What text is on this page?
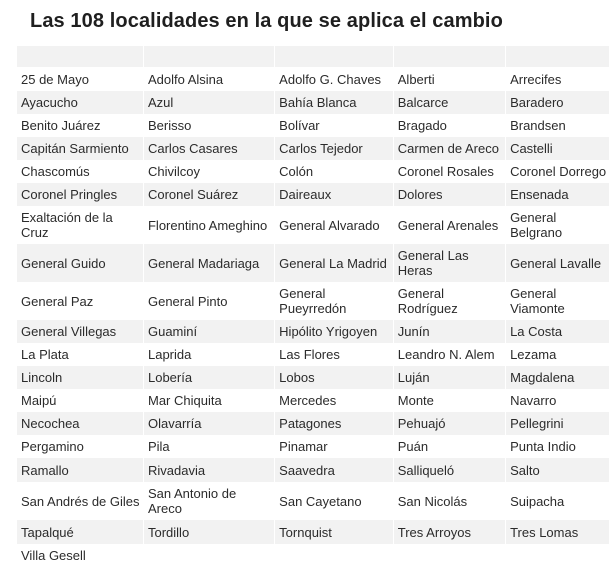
Las 108 localidades en la que se aplica el cambio

25 de Mayo	Adolfo Alsina	Adolfo G. Chaves	Alberti	Arrecifes
Ayacucho	Azul	Bahía Blanca	Balcarce	Baradero
Benito Juárez	Berisso	Bolívar	Bragado	Brandsen
Capitán Sarmiento	Carlos Casares	Carlos Tejedor	Carmen de Areco	Castelli
Chascomús	Chivilcoy	Colón	Coronel Rosales	Coronel Dorrego
Coronel Pringles	Coronel Suárez	Daireaux	Dolores	Ensenada
Exaltación de la Cruz	Florentino Ameghino	General Alvarado	General Arenales	General Belgrano
General Guido	General Madariaga	General La Madrid	General Las Heras	General Lavalle
General Paz	General Pinto	General Pueyrredón	General Rodríguez	General Viamonte
General Villegas	Guaminí	Hipólito Yrigoyen	Junín	La Costa
La Plata	Laprida	Las Flores	Leandro N. Alem	Lezama
Lincoln	Lobería	Lobos	Luján	Magdalena
Maipú	Mar Chiquita	Mercedes	Monte	Navarro
Necochea	Olavarría	Patagones	Pehuajó	Pellegrini
Pergamino	Pila	Pinamar	Puán	Punta Indio
Ramallo	Rivadavia	Saavedra	Salliqueló	Salto
San Andrés de Giles	San Antonio de Areco	San Cayetano	San Nicolás	Suipacha
Tapalqué	Tordillo	Tornquist	Tres Arroyos	Tres Lomas
Villa Gesell				
